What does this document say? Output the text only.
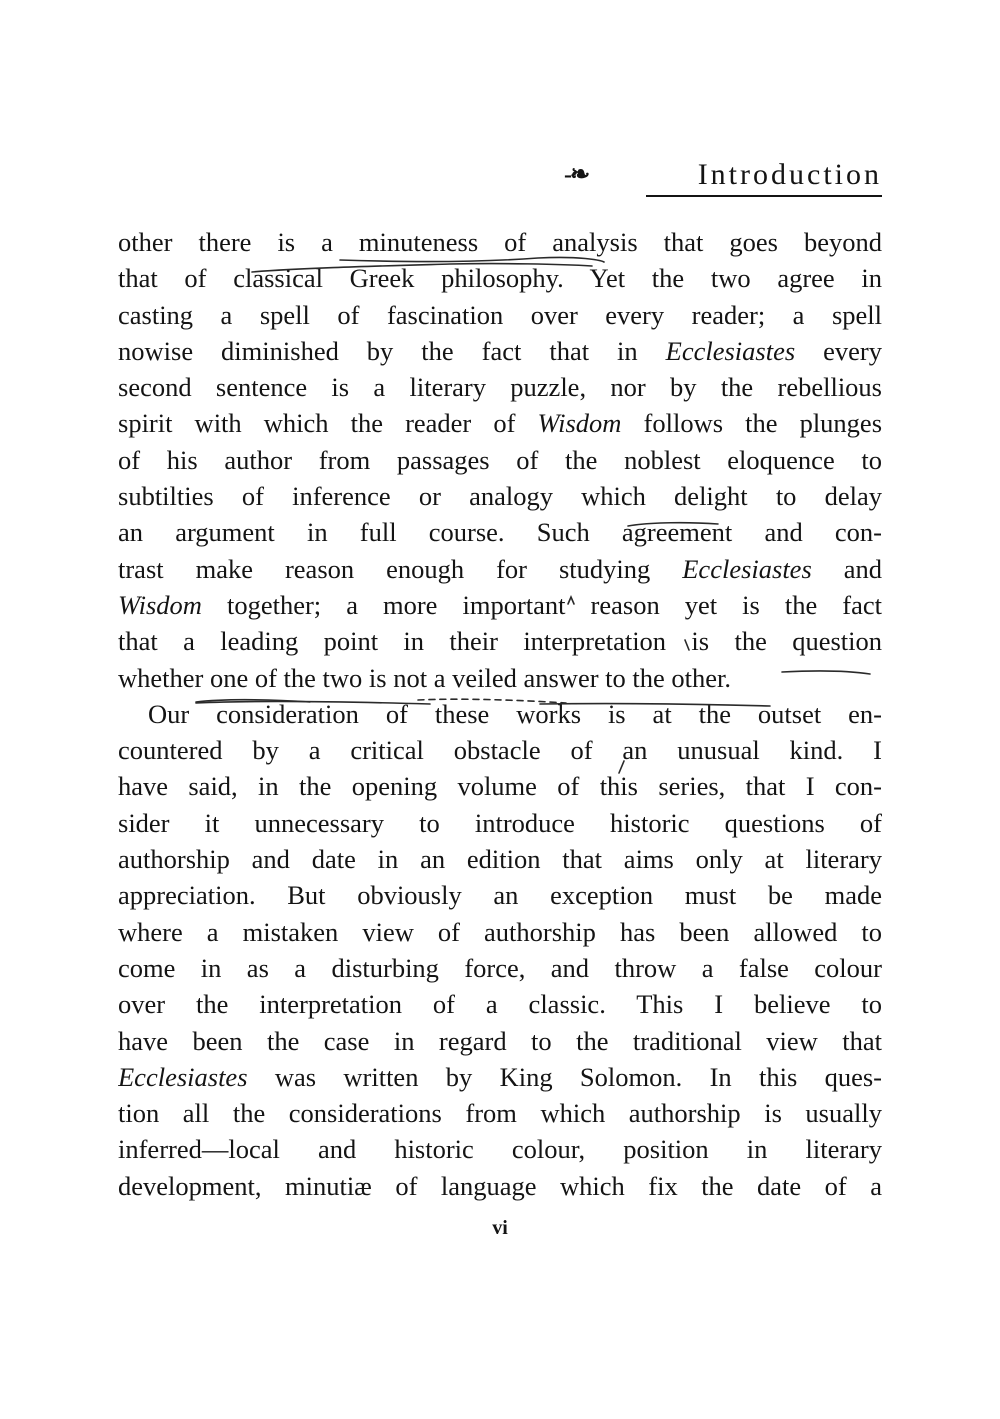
-❧	Introduction
other there is a minuteness of analysis that goes beyond
that of classical Greek philosophy. Yet the two agree in
casting a spell of fascination over every reader; a spell
nowise diminished by the fact that in Ecclesiastes every
second sentence is a literary puzzle, nor by the rebellious
spirit with which the reader of Wisdom follows the plunges
of his author from passages of the noblest eloquence to
subtilties of inference or analogy which delight to delay
an argument in full course. Such agreement and con-
trast make reason enough for studying Ecclesiastes and
Wisdom together; a more important reason yet is the fact
that a leading point in their interpretation is the question
whether one of the two is not a veiled answer to the other.
Our consideration of these works is at the outset en-
countered by a critical obstacle of an unusual kind. I
have said, in the opening volume of this series, that I con-
sider it unnecessary to introduce historic questions of
authorship and date in an edition that aims only at literary
appreciation. But obviously an exception must be made
where a mistaken view of authorship has been allowed to
come in as a disturbing force, and throw a false colour
over the interpretation of a classic. This I believe to
have been the case in regard to the traditional view that
Ecclesiastes was written by King Solomon. In this ques-
tion all the considerations from which authorship is usually
inferred—local and historic colour, position in literary
development, minutiæ of language which fix the date of a
vi
